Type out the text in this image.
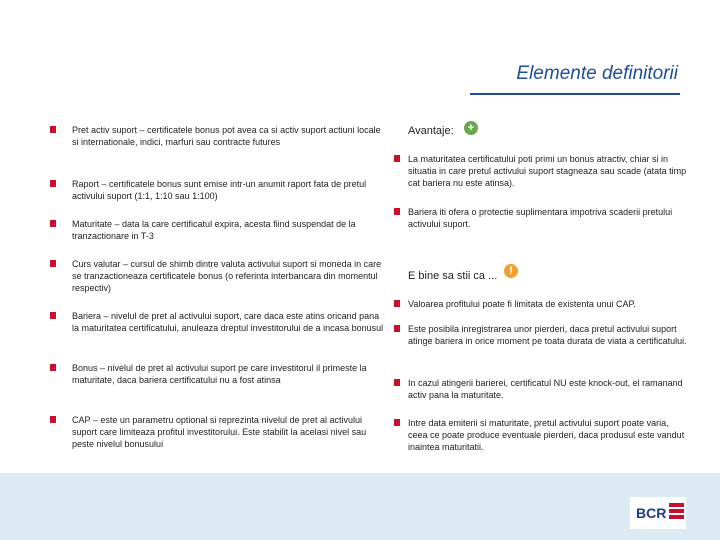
Elemente definitorii
Pret activ suport – certificatele bonus pot avea ca si activ suport actiuni locale si internationale, indici, marfuri sau contracte futures
Raport – certificatele bonus sunt emise intr-un anumit raport fata de pretul activului suport (1:1, 1:10 sau 1:100)
Maturitate – data la care certificatul expira, acesta fiind suspendat de la tranzactionare in T-3
Curs valutar – cursul de shimb dintre valuta activului suport si moneda in care se tranzactioneaza certificatele bonus (o referinta interbancara din momentul respectiv)
Bariera – nivelul de pret al activului suport, care daca este atins oricand pana la maturitatea certificatului, anuleaza dreptul investitorului de a incasa bonusul
Bonus – nivelul de pret al activului suport pe care investitorul il primeste la maturitate, daca bariera certificatului nu a fost atinsa
CAP – este un parametru optional si reprezinta nivelul de pret al activului suport care limiteaza profitul investitorului. Este stabilit la acelasi nivel sau peste nivelul bonusului
Avantaje:	+
La maturitatea certificatului poti primi un bonus atractiv, chiar si in situatia in care pretul activului suport stagneaza sau scade (atata timp cat bariera nu este atinsa).
Bariera iti ofera o protectie suplimentara impotriva scaderii pretului activului suport.
E bine sa stii ca ...	!
Valoarea profitului poate fi limitata de existenta unui CAP.
Este posibila inregistrarea unor pierderi, daca pretul activului suport atinge bariera in orice moment pe toata durata de viata a certificatului.
In cazul atingerii barierei, certificatul NU este knock-out, el ramanand activ pana la maturitate.
Intre data emiterii si maturitate, pretul activului suport poate varia, ceea ce poate produce eventuale pierderi, daca produsul este vandut inaintea maturitatii.
BCR
